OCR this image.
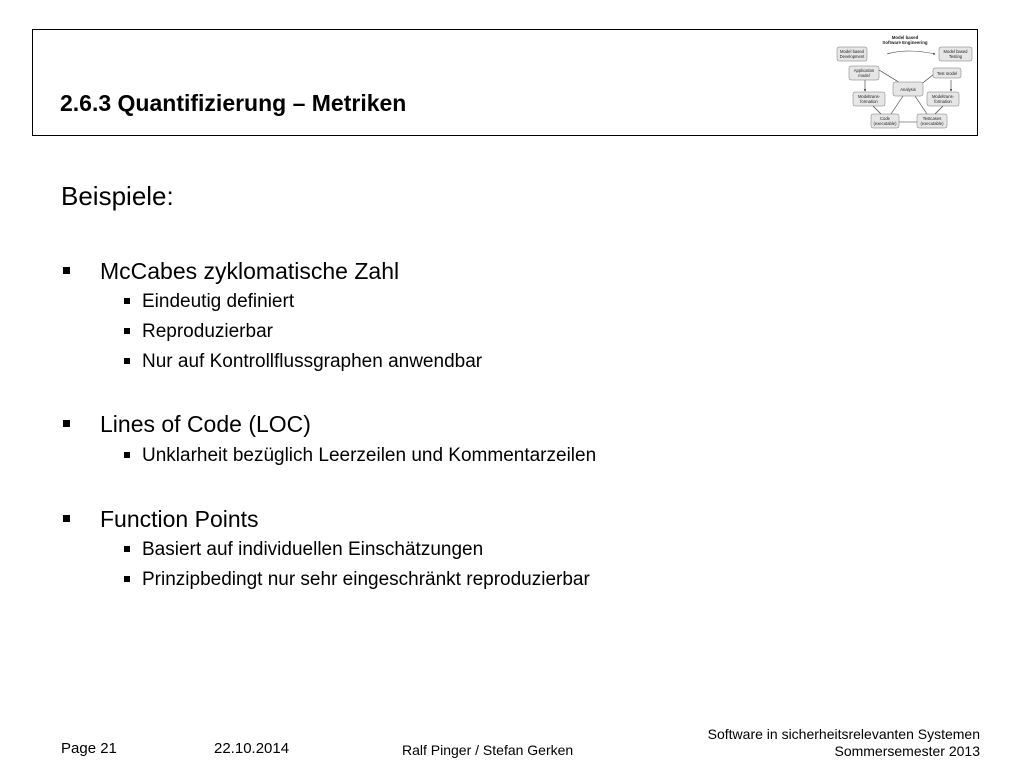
2.6.3 Quantifizierung – Metriken
Model based
Software Engineering
Model based
Development
Model based
Testing
Application
model	Test model
Analysis
Modeltrans-
formation
Modeltrans-
formation
Code
(executable)
Testcases
(executable)
Beispiele:
McCabes zyklomatische Zahl
Eindeutig definiert
Reproduzierbar
Nur auf Kontrollflussgraphen anwendbar
Lines of Code (LOC)
Unklarheit bezüglich Leerzeilen und Kommentarzeilen
Function Points
Basiert auf individuellen Einschätzungen
Prinzipbedingt nur sehr eingeschränkt reproduzierbar
Page 21	22.10.2014	Ralf Pinger / Stefan Gerken
Software in sicherheitsrelevanten Systemen
Sommersemester 2013
